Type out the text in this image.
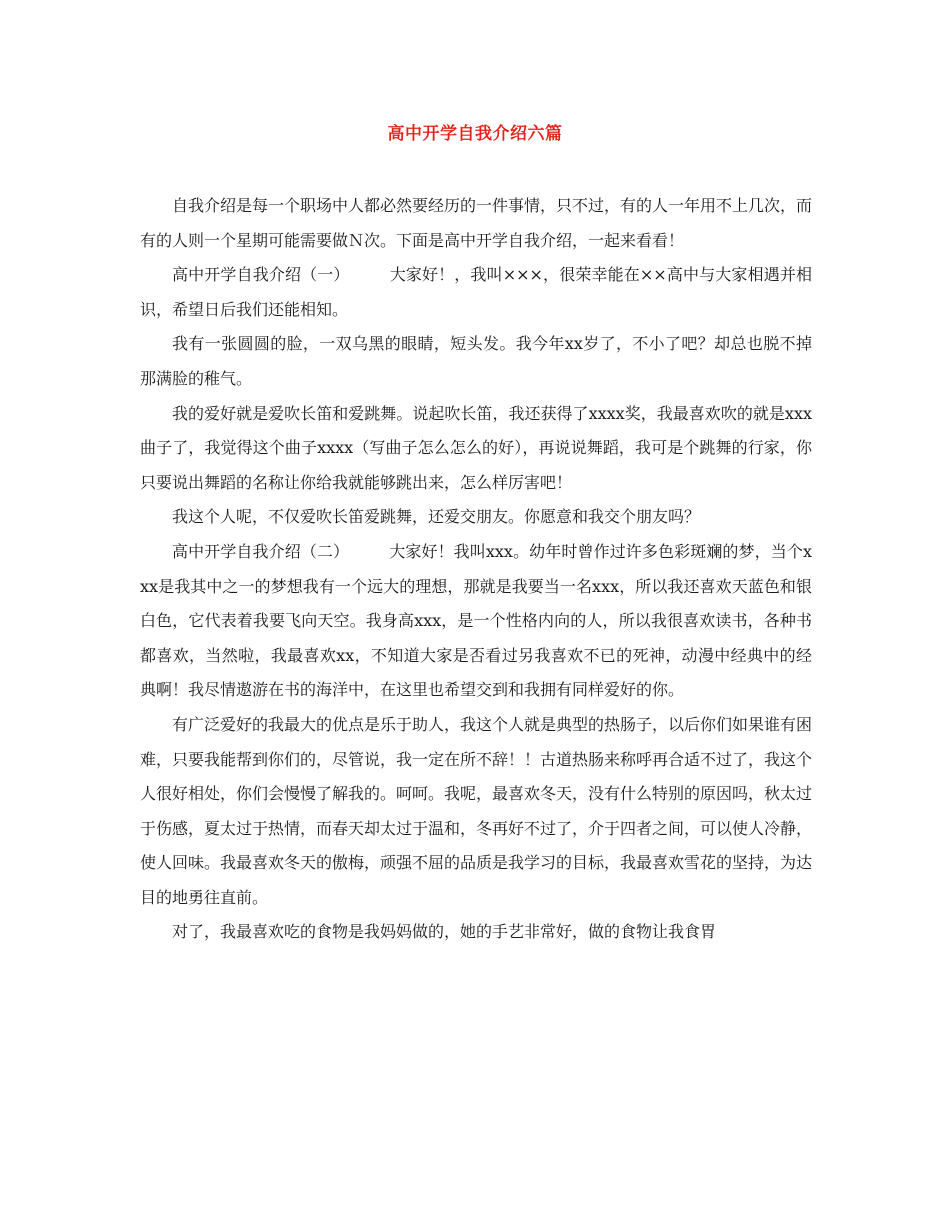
高中开学自我介绍六篇

自我介绍是每一个职场中人都必然要经历的一件事情，只不过，有的人一年用不上几次，而有的人则一个星期可能需要做Ｎ次。下面是高中开学自我介绍，一起来看看！

高中开学自我介绍（一）	大家好！，我叫×××，很荣幸能在××高中与大家相遇并相识，希望日后我们还能相知。

我有一张圆圆的脸，一双乌黑的眼睛，短头发。我今年xx岁了，不小了吧？却总也脱不掉那满脸的稚气。

我的爱好就是爱吹长笛和爱跳舞。说起吹长笛，我还获得了xxxx奖，我最喜欢吹的就是xxx曲子了，我觉得这个曲子xxxx（写曲子怎么怎么的好），再说说舞蹈，我可是个跳舞的行家，你只要说出舞蹈的名称让你给我就能够跳出来，怎么样厉害吧！

我这个人呢，不仅爱吹长笛爱跳舞，还爱交朋友。你愿意和我交个朋友吗？

高中开学自我介绍（二）	大家好！我叫xxx。幼年时曾作过许多色彩斑斓的梦，当个xxx是我其中之一的梦想我有一个远大的理想，那就是我要当一名xxx，所以我还喜欢天蓝色和银白色，它代表着我要飞向天空。我身高xxx，是一个性格内向的人，所以我很喜欢读书，各种书都喜欢，当然啦，我最喜欢xx，不知道大家是否看过另我喜欢不已的死神，动漫中经典中的经典啊！我尽情遨游在书的海洋中，在这里也希望交到和我拥有同样爱好的你。

有广泛爱好的我最大的优点是乐于助人，我这个人就是典型的热肠子，以后你们如果谁有困难，只要我能帮到你们的，尽管说，我一定在所不辞！！古道热肠来称呼再合适不过了，我这个人很好相处，你们会慢慢了解我的。呵呵。我呢，最喜欢冬天，没有什么特别的原因吗，秋太过于伤感，夏太过于热情，而春天却太过于温和，冬再好不过了，介于四者之间，可以使人冷静，使人回味。我最喜欢冬天的傲梅，顽强不屈的品质是我学习的目标，我最喜欢雪花的坚持，为达目的地勇往直前。

对了，我最喜欢吃的食物是我妈妈做的，她的手艺非常好，做的食物让我食胃
